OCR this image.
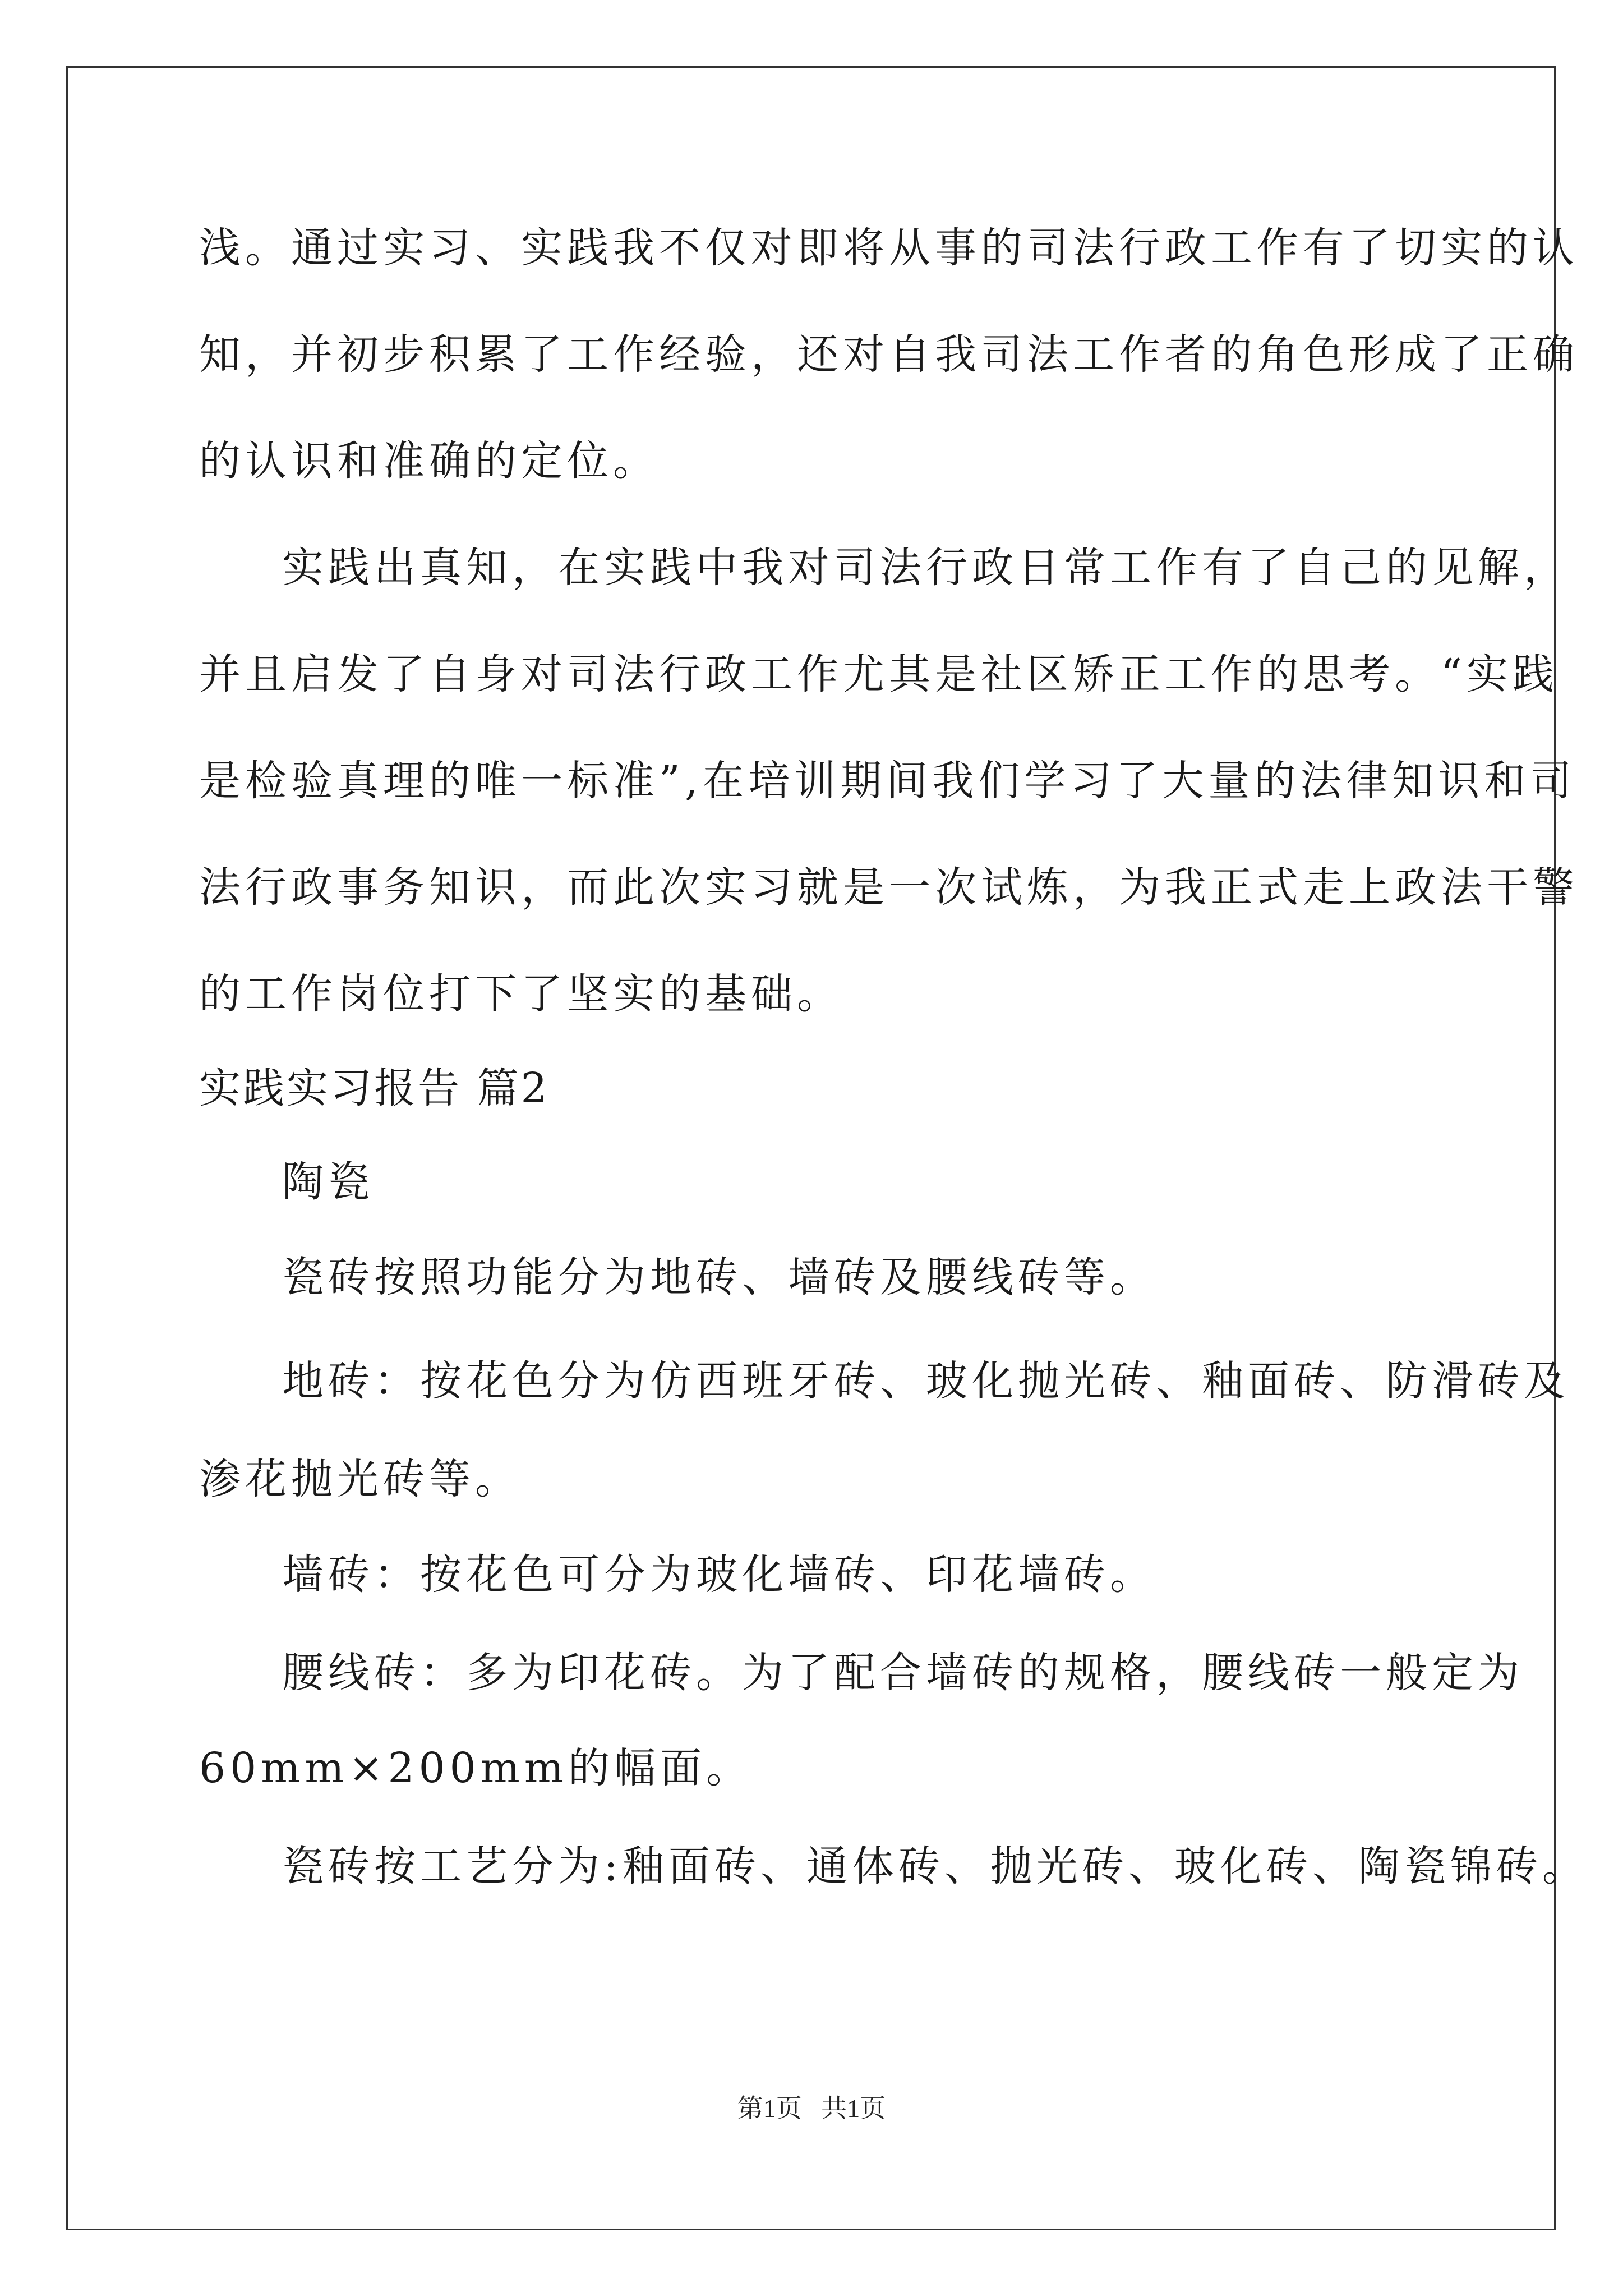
浅。通过实习、实践我不仅对即将从事的司法行政工作有了切实的认
知，并初步积累了工作经验，还对自我司法工作者的角色形成了正确
的认识和准确的定位。
实践出真知，在实践中我对司法行政日常工作有了自己的见解，
并且启发了自身对司法行政工作尤其是社区矫正工作的思考。“实践
是检验真理的唯一标准”,在培训期间我们学习了大量的法律知识和司
法行政事务知识，而此次实习就是一次试炼，为我正式走上政法干警
的工作岗位打下了坚实的基础。
实践实习报告 篇2
陶瓷
瓷砖按照功能分为地砖、墙砖及腰线砖等。
地砖：按花色分为仿西班牙砖、玻化抛光砖、釉面砖、防滑砖及
渗花抛光砖等。
墙砖：按花色可分为玻化墙砖、印花墙砖。
腰线砖：多为印花砖。为了配合墙砖的规格，腰线砖一般定为
60mm×200mm的幅面。
瓷砖按工艺分为:釉面砖、通体砖、抛光砖、玻化砖、陶瓷锦砖。
第1页   共1页
